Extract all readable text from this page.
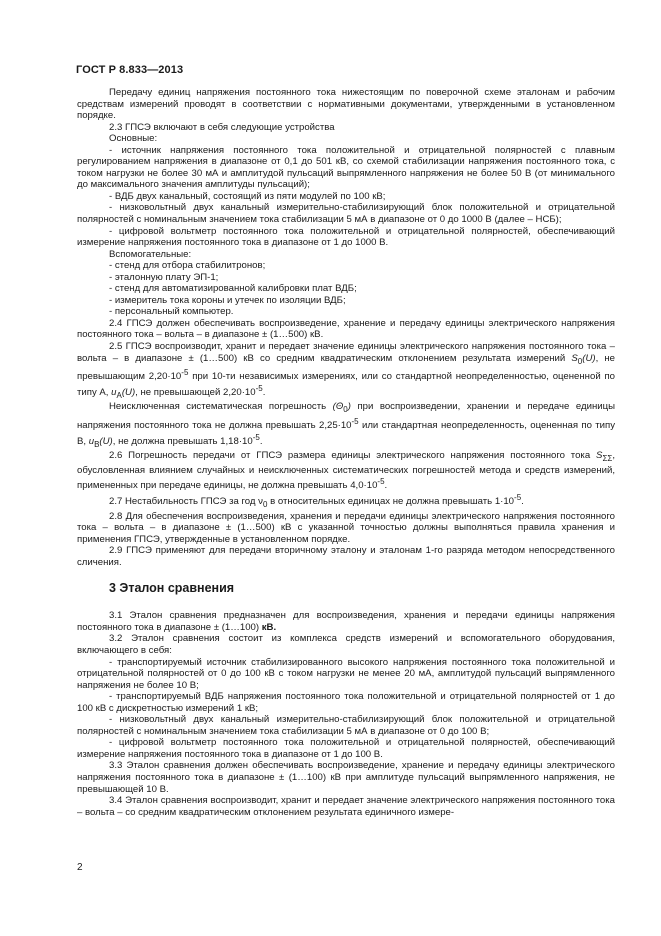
ГОСТ Р 8.833—2013

Передачу единиц напряжения постоянного тока нижестоящим по поверочной схеме эталонам и рабочим средствам измерений проводят в соответствии с нормативными документами, утвержденными в установленном порядке.

2.3 ГПСЭ включают в себя следующие устройства

Основные:

- источник напряжения постоянного тока положительной и отрицательной полярностей с плавным регулированием напряжения в диапазоне от 0,1 до 501 кВ, со схемой стабилизации напряжения постоянного тока, с током нагрузки не более 30 мА и амплитудой пульсаций выпрямленного напряжения не более 50 В (от минимального до максимального значения амплитуды пульсаций);

- ВДБ двух канальный, состоящий из пяти модулей по 100 кВ;

- низковольтный двух канальный измерительно-стабилизирующий блок положительной и отрицательной полярностей с номинальным значением тока стабилизации 5 мА в диапазоне от 0 до 1000 В (далее – НСБ);

- цифровой вольтметр постоянного тока положительной и отрицательной полярностей, обеспечивающий измерение напряжения постоянного тока в диапазоне от 1 до 1000 В.

Вспомогательные:

- стенд для отбора стабилитронов;

- эталонную плату ЭП-1;

- стенд для автоматизированной калибровки плат ВДБ;

- измеритель тока короны и утечек по изоляции ВДБ;

- персональный компьютер.

2.4 ГПСЭ должен обеспечивать воспроизведение, хранение и передачу единицы электрического напряжения постоянного тока – вольта – в диапазоне ± (1…500) кВ.

2.5 ГПСЭ воспроизводит, хранит и передает значение единицы электрического напряжения постоянного тока – вольта – в диапазоне ± (1…500) кВ со средним квадратическим отклонением результата измерений $S_0(U)$, не превышающим $2,20\cdot 10^{-5}$ при 10-ти независимых измерениях, или со стандартной неопределенностью, оцененной по типу А, $u_A(U)$, не превышающей $2,20\cdot 10^{-5}$.

Неисключенная систематическая погрешность $(\Theta_0)$ при воспроизведении, хранении и передаче единицы напряжения постоянного тока не должна превышать $2,25\cdot 10^{-5}$ или стандартная неопределенность, оцененная по типу В, $u_B(U)$, не должна превышать $1,18\cdot 10^{-5}$.

2.6 Погрешность передачи от ГПСЭ размера единицы электрического напряжения постоянного тока $S_{\Sigma\Sigma}$, обусловленная влиянием случайных и неисключенных систематических погрешностей метода и средств измерений, примененных при передаче единицы, не должна превышать $4,0\cdot 10^{-5}$.

2.7 Нестабильность ГПСЭ за год $\nu_0$ в относительных единицах не должна превышать $1\cdot 10^{-5}$.

2.8 Для обеспечения воспроизведения, хранения и передачи единицы электрического напряжения постоянного тока – вольта – в диапазоне ± (1…500) кВ с указанной точностью должны выполняться правила хранения и применения ГПСЭ, утвержденные в установленном порядке.

2.9 ГПСЭ применяют для передачи вторичному эталону и эталонам 1-го разряда методом непосредственного сличения.

3 Эталон сравнения

3.1 Эталон сравнения предназначен для воспроизведения, хранения и передачи единицы напряжения постоянного тока в диапазоне ± (1…100) кВ.

3.2 Эталон сравнения состоит из комплекса средств измерений и вспомогательного оборудования, включающего в себя:

- транспортируемый источник стабилизированного высокого напряжения постоянного тока положительной и отрицательной полярностей от 0 до 100 кВ с током нагрузки не менее 20 мА, амплитудой пульсаций выпрямленного напряжения не более 10 В;

- транспортируемый ВДБ напряжения постоянного тока положительной и отрицательной полярностей от 1 до 100 кВ с дискретностью измерений 1 кВ;

- низковольтный двух канальный измерительно-стабилизирующий блок положительной и отрицательной полярностей с номинальным значением тока стабилизации 5 мА в диапазоне от 0 до 100 В;

- цифровой вольтметр постоянного тока положительной и отрицательной полярностей, обеспечивающий измерение напряжения постоянного тока в диапазоне от 1 до 100 В.

3.3 Эталон сравнения должен обеспечивать воспроизведение, хранение и передачу единицы электрического напряжения постоянного тока в диапазоне ± (1…100) кВ при амплитуде пульсаций выпрямленного напряжения, не превышающей 10 В.

3.4 Эталон сравнения воспроизводит, хранит и передает значение электрического напряжения постоянного тока – вольта – со средним квадратическим отклонением результата единичного измере-

2
